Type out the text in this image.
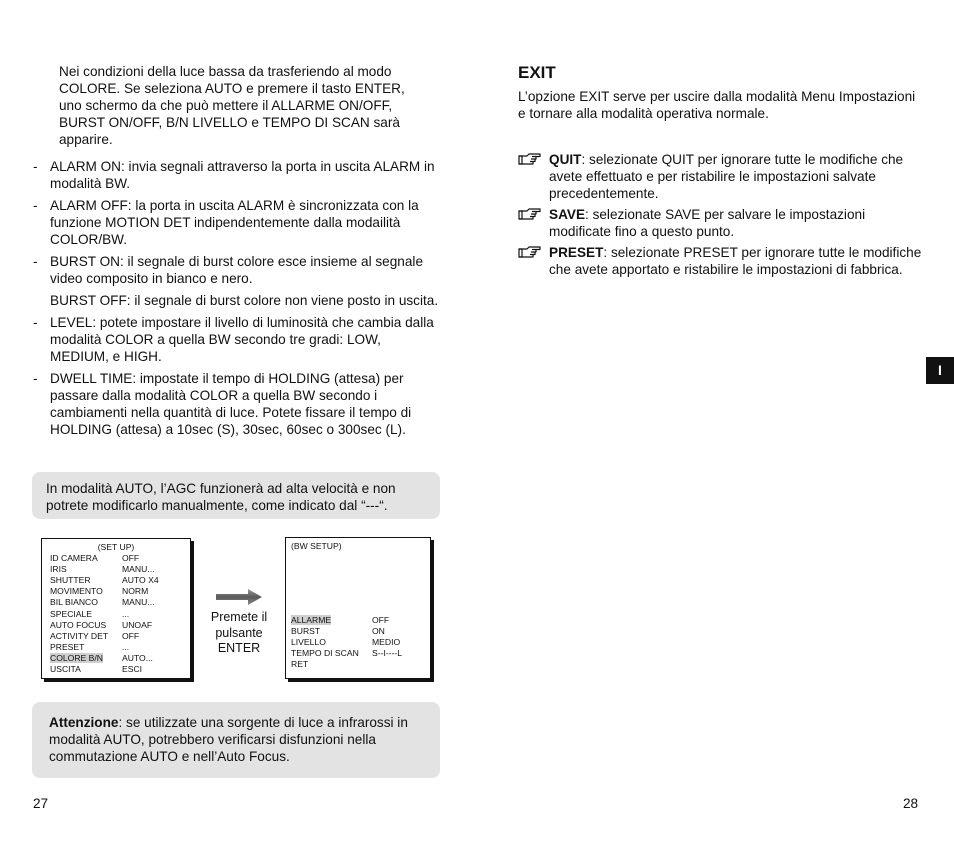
Nei condizioni della luce bassa da trasferiendo al modo COLORE. Se seleziona AUTO e premere il tasto ENTER, uno schermo da che può mettere il ALLARME ON/OFF, BURST ON/OFF, B/N LIVELLO e TEMPO DI SCAN sarà apparire.
- ALARM ON: invia segnali attraverso la porta in uscita ALARM in modalità BW.
- ALARM OFF: la porta in uscita ALARM è sincronizzata con la funzione MOTION DET indipendentemente dalla modailità COLOR/BW.
- BURST ON: il segnale di burst colore esce insieme al segnale video composito in bianco e nero.
BURST OFF: il segnale di burst colore non viene posto in uscita.
- LEVEL: potete impostare il livello di luminosità che cambia dalla modalità COLOR a quella BW secondo tre gradi: LOW, MEDIUM, e HIGH.
- DWELL TIME: impostate il tempo di HOLDING (attesa) per passare dalla modalità COLOR a quella BW secondo i cambiamenti nella quantità di luce. Potete fissare il tempo di HOLDING (attesa) a 10sec (S), 30sec, 60sec o 300sec (L).
In modalità AUTO, l’AGC funzionerà ad alta velocità e non potrete modificarlo manualmente, come indicato dal “---“.
(SET UP)
ID CAMERA	OFF
IRIS	MANU...
SHUTTER	AUTO X4
MOVIMENTO	NORM
BIL BIANCO	MANU...
SPECIALE	...
AUTO FOCUS	UNOAF
ACTIVITY DET	OFF
PRESET	...
COLORE B/N	AUTO...
USCITA	ESCI
Premete il pulsante ENTER
(BW SETUP)
ALLARME	OFF
BURST	ON
LIVELLO	MEDIO
TEMPO DI SCAN	S--I----L
RET
Attenzione: se utilizzate una sorgente di luce a infrarossi in modalità AUTO, potrebbero verificarsi disfunzioni nella commutazione AUTO e nell’Auto Focus.
27
EXIT
L’opzione EXIT serve per uscire dalla modalità Menu Impostazioni e tornare alla modalità operativa normale.
QUIT: selezionate QUIT per ignorare tutte le modifiche che avete effettuato e per ristabilire le impostazioni salvate precedentemente.
SAVE: selezionate SAVE per salvare le impostazioni modificate fino a questo punto.
PRESET: selezionate PRESET per ignorare tutte le modifiche che avete apportato e ristabilire le impostazioni di fabbrica.
I
28
